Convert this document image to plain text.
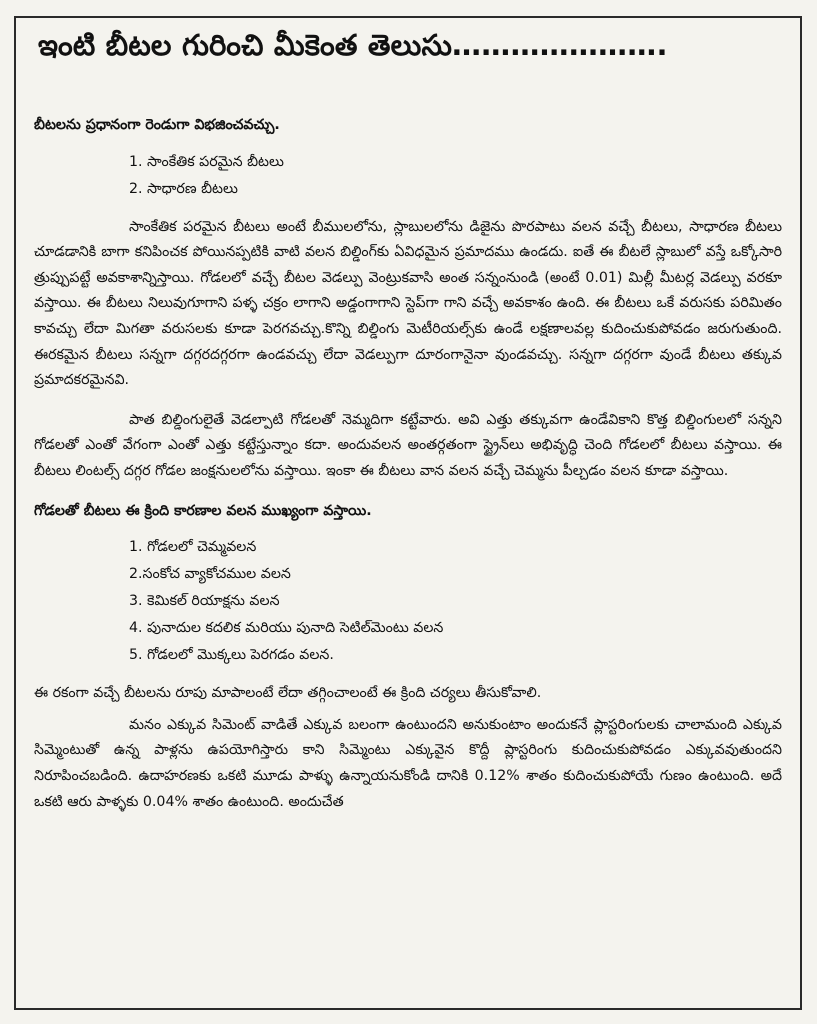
ఇంటి బీటల గురించి మీకెంత తెలుసు………………….

బీటలను ప్రధానంగా రెండుగా విభజించవచ్చు.

1. సాంకేతిక పరమైన బీటలు
2. సాధారణ బీటలు

సాంకేతిక పరమైన బీటలు అంటే బీములలోను, స్లాబులలోను డిజైను పొరపాటు వలన వచ్చే బీటలు, సాధారణ బీటలు చూడడానికి బాగా కనిపించక పోయినప్పటికి వాటి వలన బిల్డింగ్‌కు ఏవిధమైన ప్రమాదము ఉండదు. ఐతే ఈ బీటలే స్లాబులో వస్తే ఒక్కోసారి త్రుప్పుపట్టే అవకాశాన్నిస్తాయి. గోడలలో వచ్చే బీటల వెడల్పు వెంట్రుకవాసి అంత సన్నంనుండి (అంటే 0.01) మిల్లీ మీటర్ల వెడల్పు వరకూ వస్తాయి. ఈ బీటలు నిలువుగూగాని పళ్ళ చక్రం లాగాని అడ్డంగాగాని స్టెప్‌గా గాని వచ్చే అవకాశం ఉంది. ఈ బీటలు ఒకే వరుసకు పరిమితం కావచ్చు లేదా మిగతా వరుసలకు కూడా పెరగవచ్చు.కొన్ని బిల్డింగు మెటీరియల్స్‌కు ఉండే లక్షణాలవల్ల కుదించుకుపోవడం జరుగుతుంది. ఈరకమైన బీటలు సన్నగా దగ్గరదగ్గరగా ఉండవచ్చు లేదా వెడల్పుగా దూరంగానైనా వుండవచ్చు. సన్నగా దగ్గరగా వుండే బీటలు తక్కువ ప్రమాదకరమైనవి.

పాత బిల్డింగులైతే వెడల్పాటి గోడలతో నెమ్మదిగా కట్టేవారు. అవి ఎత్తు తక్కువగా ఉండేవికాని కొత్త బిల్డింగులలో సన్నని గోడలతో ఎంతో వేగంగా ఎంతో ఎత్తు కట్టేస్తున్నాం కదా. అందువలన అంతర్గతంగా స్ట్రైన్‌లు అభివృద్ధి చెంది గోడలలో బీటలు వస్తాయి. ఈ బీటలు లింటల్స్ దగ్గర గోడల జంక్షనులలోను వస్తాయి. ఇంకా ఈ బీటలు వాన వలన వచ్చే చెమ్మను పీల్చడం వలన కూడా వస్తాయి.

గోడలతో బీటలు ఈ క్రింది కారణాల వలన ముఖ్యంగా వస్తాయి.

1. గోడలలో చెమ్మవలన
2.సంకోచ వ్యాకోచముల వలన
3. కెమికల్ రియాక్షను వలన
4. పునాదుల కదలిక మరియు పునాది సెటిల్‌మెంటు వలన
5. గోడలలో మొక్కలు పెరగడం వలన.

ఈ రకంగా వచ్చే బీటలను రూపు మాపాలంటే లేదా తగ్గించాలంటే ఈ క్రింది చర్యలు తీసుకోవాలి.

మనం ఎక్కువ సిమెంట్ వాడితే ఎక్కువ బలంగా ఉంటుందని అనుకుంటాం అందుకనే ప్లాస్టరింగులకు చాలామంది ఎక్కువ సిమ్మెంటుతో ఉన్న పాళ్లను ఉపయోగిస్తారు కాని సిమ్మెంటు ఎక్కువైన కొద్దీ ప్లాస్టరింగు కుదించుకుపోవడం ఎక్కువవుతుందని నిరూపించబడింది. ఉదాహరణకు ఒకటి మూడు పాళ్ళు ఉన్నాయనుకోండి దానికి 0.12% శాతం కుదించుకుపోయే గుణం ఉంటుంది. అదే ఒకటి ఆరు పాళ్ళకు 0.04% శాతం ఉంటుంది. అందుచేత
